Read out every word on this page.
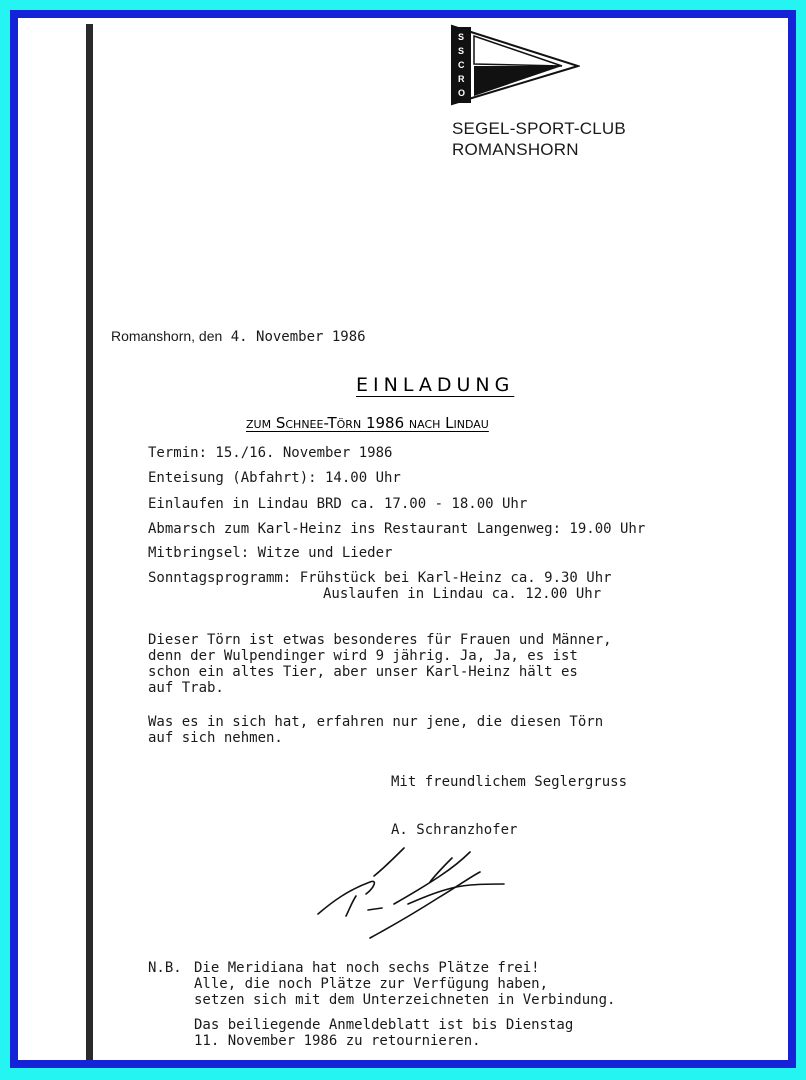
S
S
C
R
O
SEGEL-SPORT-CLUB
ROMANSHORN
Romanshorn, den 4. November 1986
EINLADUNG
zum Schnee-Törn 1986 nach Lindau
Termin: 15./16. November 1986
Enteisung (Abfahrt): 14.00 Uhr
Einlaufen in Lindau BRD ca. 17.00 - 18.00 Uhr
Abmarsch zum Karl-Heinz ins Restaurant Langenweg: 19.00 Uhr
Mitbringsel: Witze und Lieder
Sonntagsprogramm: Frühstück bei Karl-Heinz ca. 9.30 Uhr
Auslaufen in Lindau ca. 12.00 Uhr
Dieser Törn ist etwas besonderes für Frauen und Männer,
denn der Wulpendinger wird 9 jährig. Ja, Ja, es ist
schon ein altes Tier, aber unser Karl-Heinz hält es
auf Trab.
Was es in sich hat, erfahren nur jene, die diesen Törn
auf sich nehmen.
Mit freundlichem Seglergruss
A. Schranzhofer
N.B. Die Meridiana hat noch sechs Plätze frei!
Alle, die noch Plätze zur Verfügung haben,
setzen sich mit dem Unterzeichneten in Verbindung.
Das beiliegende Anmeldeblatt ist bis Dienstag
11. November 1986 zu retournieren.
